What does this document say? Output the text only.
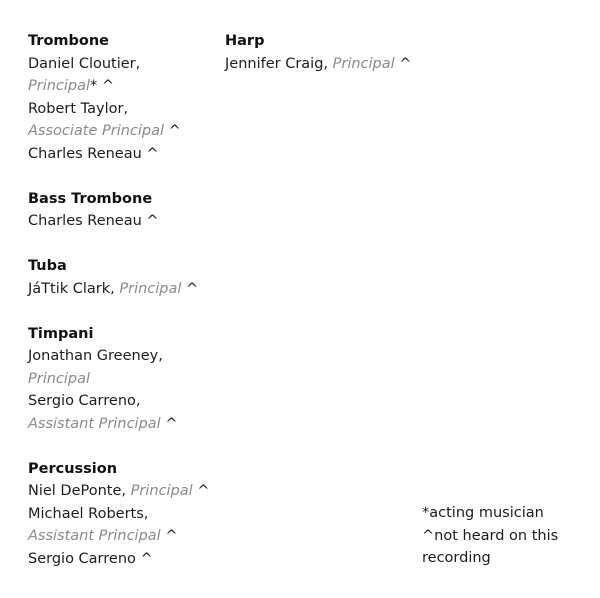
Trombone
Daniel Cloutier,
Principal* ^
Robert Taylor,
Associate Principal ^
Charles Reneau ^
Bass Trombone
Charles Reneau ^
Tuba
JáTtik Clark, Principal ^
Timpani
Jonathan Greeney,
Principal
Sergio Carreno,
Assistant Principal ^
Percussion
Niel DePonte, Principal ^
Michael Roberts,
Assistant Principal ^
Sergio Carreno ^
Harp
Jennifer Craig, Principal ^
*acting musician
^not heard on this
recording
